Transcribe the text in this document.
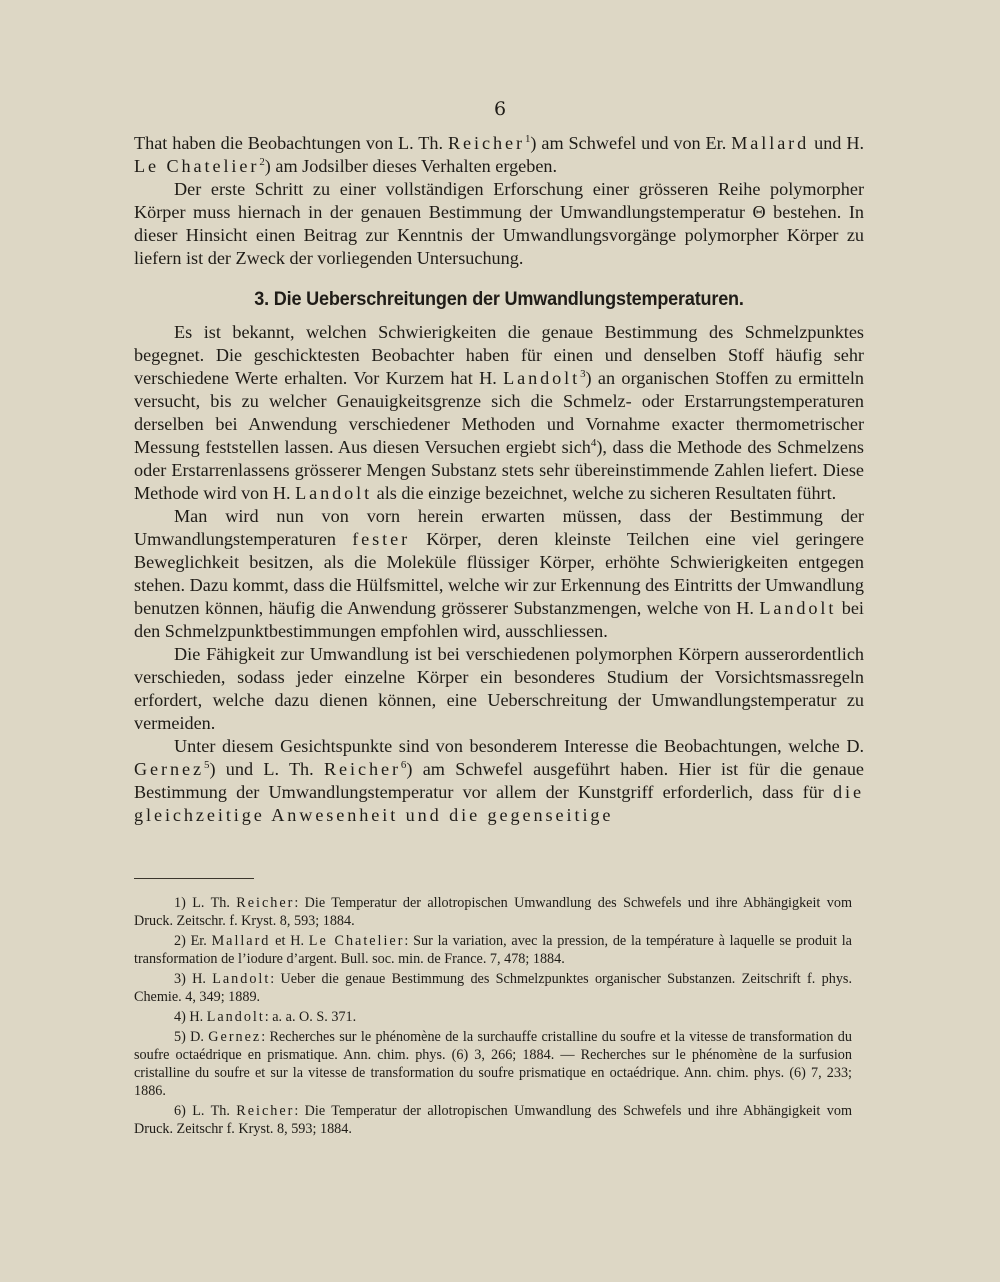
6

That haben die Beobachtungen von L. Th. Reicher$^1$) am Schwefel und von Er. Mallard und H. Le Chatelier$^2$) am Jodsilber dieses Verhalten ergeben.

Der erste Schritt zu einer vollständigen Erforschung einer grösseren Reihe polymorpher Körper muss hiernach in der genauen Bestimmung der Umwandlungstemperatur Θ bestehen. In dieser Hinsicht einen Beitrag zur Kenntnis der Umwandlungsvorgänge polymorpher Körper zu liefern ist der Zweck der vorliegenden Untersuchung.

3. Die Ueberschreitungen der Umwandlungstemperaturen.

Es ist bekannt, welchen Schwierigkeiten die genaue Bestimmung des Schmelzpunktes begegnet. Die geschicktesten Beobachter haben für einen und denselben Stoff häufig sehr verschiedene Werte erhalten. Vor Kurzem hat H. Landolt$^3$) an organischen Stoffen zu ermitteln versucht, bis zu welcher Genauigkeitsgrenze sich die Schmelz- oder Erstarrungstemperaturen derselben bei Anwendung verschiedener Methoden und Vornahme exacter thermometrischer Messung feststellen lassen. Aus diesen Versuchen ergiebt sich$^4$), dass die Methode des Schmelzens oder Erstarrenlassens grösserer Mengen Substanz stets sehr übereinstimmende Zahlen liefert. Diese Methode wird von H. Landolt als die einzige bezeichnet, welche zu sicheren Resultaten führt.

Man wird nun von vorn herein erwarten müssen, dass der Bestimmung der Umwandlungstemperaturen fester Körper, deren kleinste Teilchen eine viel geringere Beweglichkeit besitzen, als die Moleküle flüssiger Körper, erhöhte Schwierigkeiten entgegen stehen. Dazu kommt, dass die Hülfsmittel, welche wir zur Erkennung des Eintritts der Umwandlung benutzen können, häufig die Anwendung grösserer Substanzmengen, welche von H. Landolt bei den Schmelzpunktbestimmungen empfohlen wird, ausschliessen.

Die Fähigkeit zur Umwandlung ist bei verschiedenen polymorphen Körpern ausserordentlich verschieden, sodass jeder einzelne Körper ein besonderes Studium der Vorsichtsmassregeln erfordert, welche dazu dienen können, eine Ueberschreitung der Umwandlungstemperatur zu vermeiden.

Unter diesem Gesichtspunkte sind von besonderem Interesse die Beobachtungen, welche D. Gernez$^5$) und L. Th. Reicher$^6$) am Schwefel ausgeführt haben. Hier ist für die genaue Bestimmung der Umwandlungstemperatur vor allem der Kunstgriff erforderlich, dass für die gleichzeitige Anwesenheit und die gegenseitige

1) L. Th. Reicher: Die Temperatur der allotropischen Umwandlung des Schwefels und ihre Abhängigkeit vom Druck. Zeitschr. f. Kryst. 8, 593; 1884.

2) Er. Mallard et H. Le Chatelier: Sur la variation, avec la pression, de la température à laquelle se produit la transformation de l’iodure d’argent. Bull. soc. min. de France. 7, 478; 1884.

3) H. Landolt: Ueber die genaue Bestimmung des Schmelzpunktes organischer Substanzen. Zeitschrift f. phys. Chemie. 4, 349; 1889.

4) H. Landolt: a. a. O. S. 371.

5) D. Gernez: Recherches sur le phénomène de la surchauffe cristalline du soufre et la vitesse de transformation du soufre octaédrique en prismatique. Ann. chim. phys. (6) 3, 266; 1884. — Recherches sur le phénomène de la surfusion cristalline du soufre et sur la vitesse de transformation du soufre prismatique en octaédrique. Ann. chim. phys. (6) 7, 233; 1886.

6) L. Th. Reicher: Die Temperatur der allotropischen Umwandlung des Schwefels und ihre Abhängigkeit vom Druck. Zeitschr f. Kryst. 8, 593; 1884.
